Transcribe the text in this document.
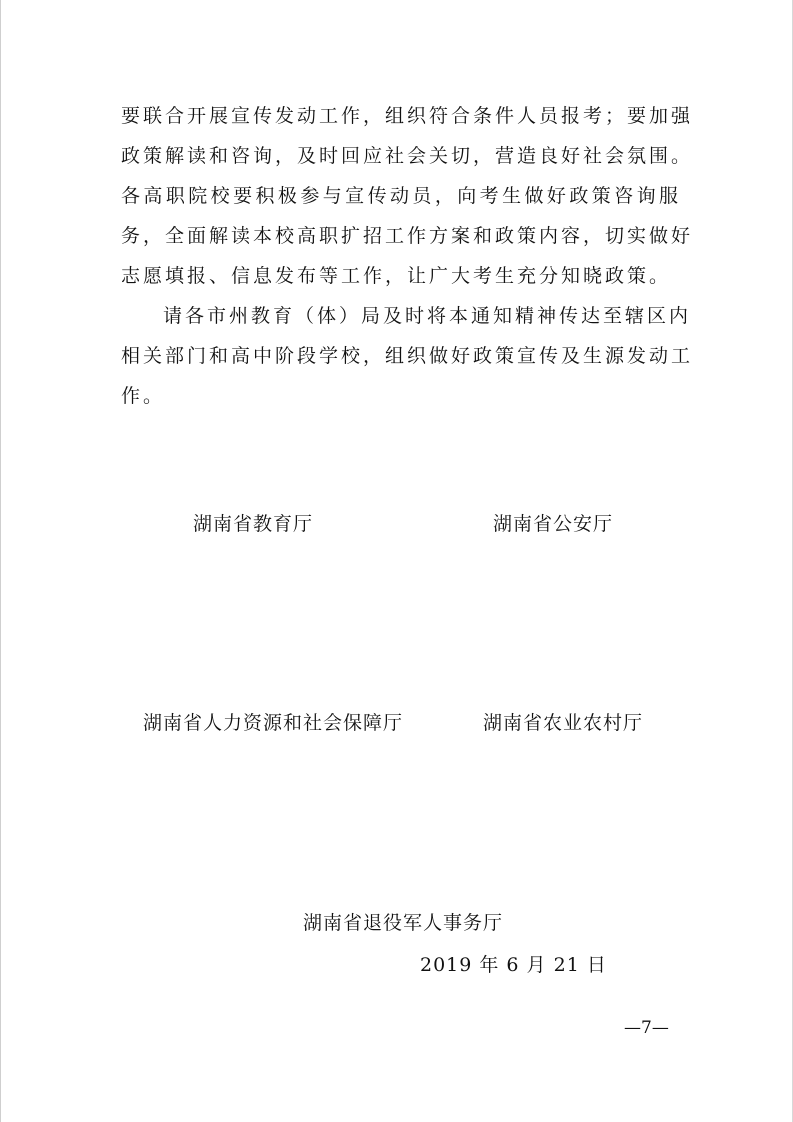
要联合开展宣传发动工作，组织符合条件人员报考；要加强
政策解读和咨询，及时回应社会关切，营造良好社会氛围。
各高职院校要积极参与宣传动员，向考生做好政策咨询服
务，全面解读本校高职扩招工作方案和政策内容，切实做好
志愿填报、信息发布等工作，让广大考生充分知晓政策。
请各市州教育（体）局及时将本通知精神传达至辖区内
相关部门和高中阶段学校，组织做好政策宣传及生源发动工
作。
湖南省教育厅	湖南省公安厅
湖南省人力资源和社会保障厅	湖南省农业农村厅
湖南省退役军人事务厅
2019 年 6 月 21 日
—7—
